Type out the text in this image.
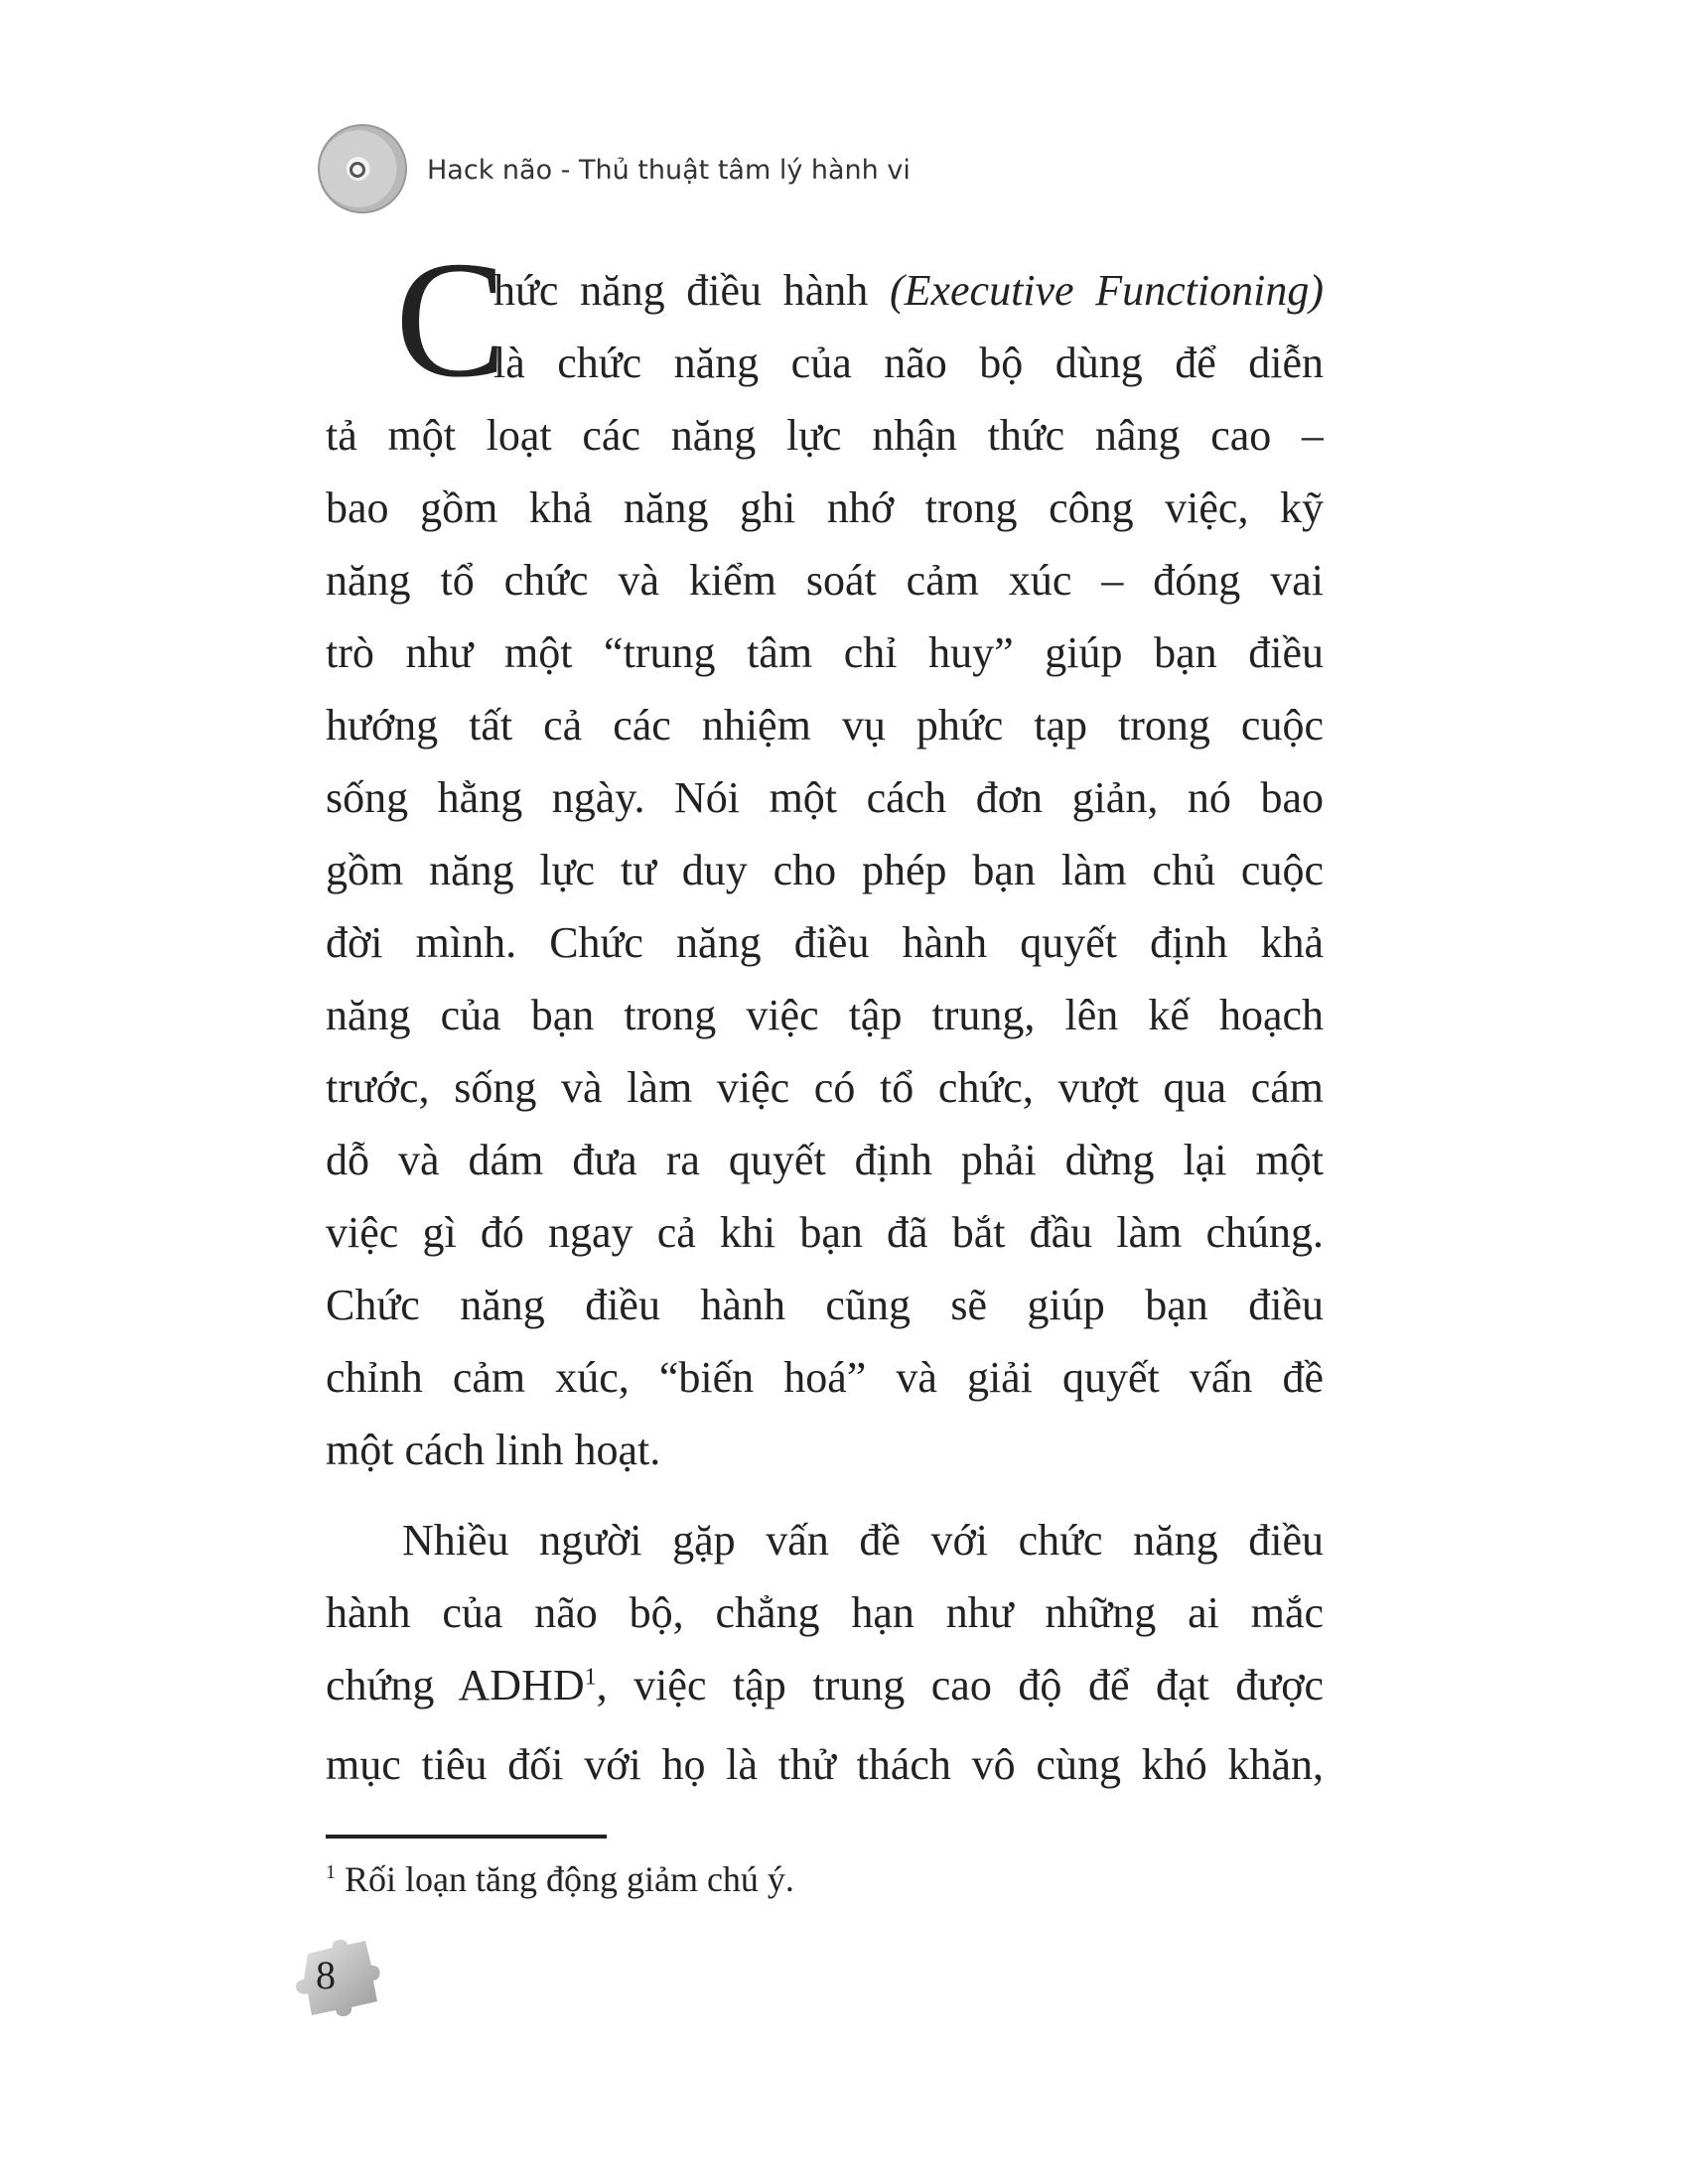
Hack não - Thủ thuật tâm lý hành vi
C
hức năng điều hành (Executive Functioning)
là chức năng của não bộ dùng để diễn
tả một loạt các năng lực nhận thức nâng cao –
bao gồm khả năng ghi nhớ trong công việc, kỹ
năng tổ chức và kiểm soát cảm xúc – đóng vai
trò như một “trung tâm chỉ huy” giúp bạn điều
hướng tất cả các nhiệm vụ phức tạp trong cuộc
sống hằng ngày. Nói một cách đơn giản, nó bao
gồm năng lực tư duy cho phép bạn làm chủ cuộc
đời mình. Chức năng điều hành quyết định khả
năng của bạn trong việc tập trung, lên kế hoạch
trước, sống và làm việc có tổ chức, vượt qua cám
dỗ và dám đưa ra quyết định phải dừng lại một
việc gì đó ngay cả khi bạn đã bắt đầu làm chúng.
Chức năng điều hành cũng sẽ giúp bạn điều
chỉnh cảm xúc, “biến hoá” và giải quyết vấn đề
một cách linh hoạt.
Nhiều người gặp vấn đề với chức năng điều
hành của não bộ, chẳng hạn như những ai mắc
chứng ADHD$^1$, việc tập trung cao độ để đạt được
mục tiêu đối với họ là thử thách vô cùng khó khăn,
$^1$ Rối loạn tăng động giảm chú ý.
8
